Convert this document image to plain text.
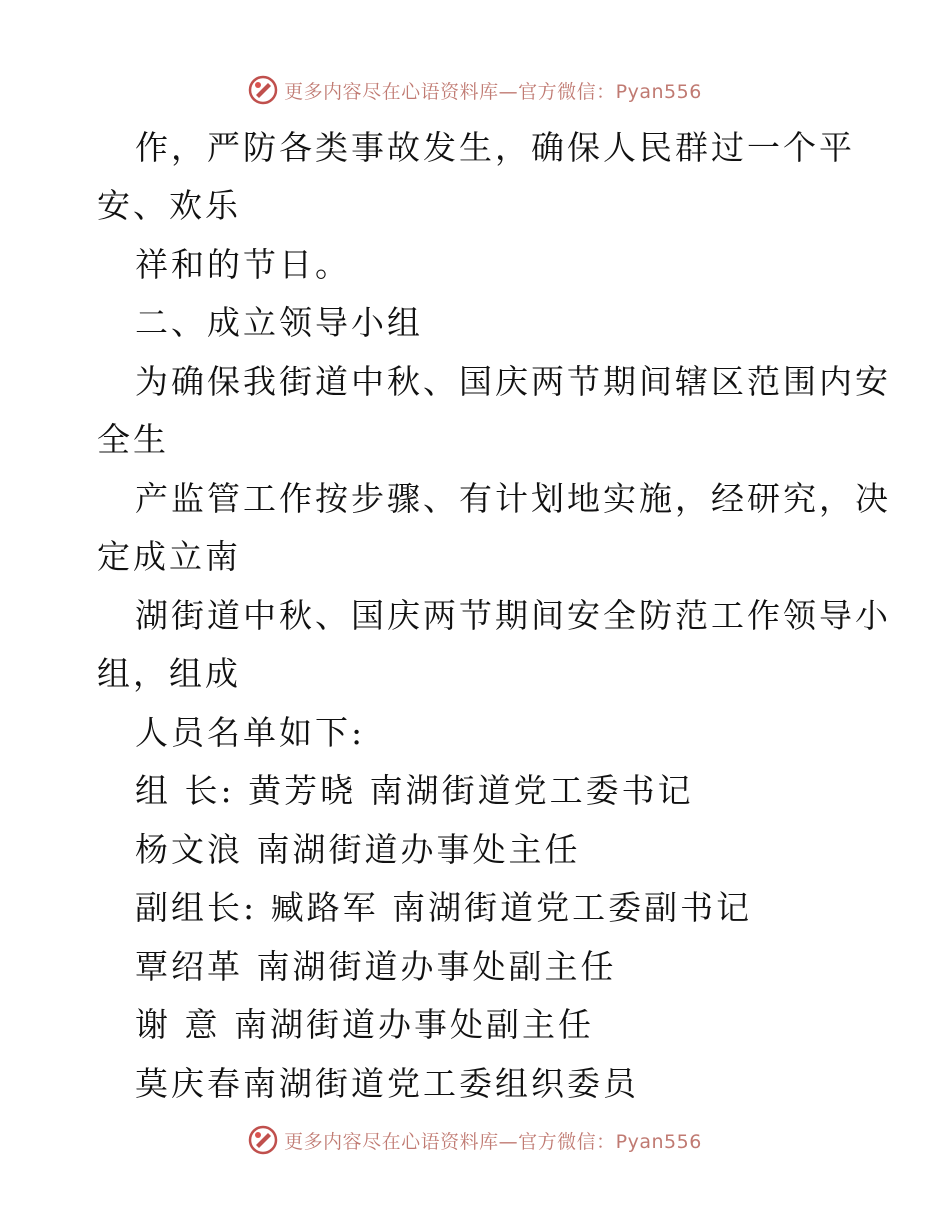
更多内容尽在心语资料库—官方微信：Pyan556
作，严防各类事故发生，确保人民群过一个平
安、欢乐
祥和的节日。
二、成立领导小组
为确保我街道中秋、国庆两节期间辖区范围内安
全生
产监管工作按步骤、有计划地实施，经研究，决
定成立南
湖街道中秋、国庆两节期间安全防范工作领导小
组，组成
人员名单如下:
组 长: 黄芳晓 南湖街道党工委书记
杨文浪 南湖街道办事处主任
副组长: 臧路军 南湖街道党工委副书记
覃绍革 南湖街道办事处副主任
谢 意 南湖街道办事处副主任
莫庆春南湖街道党工委组织委员
更多内容尽在心语资料库—官方微信：Pyan556
